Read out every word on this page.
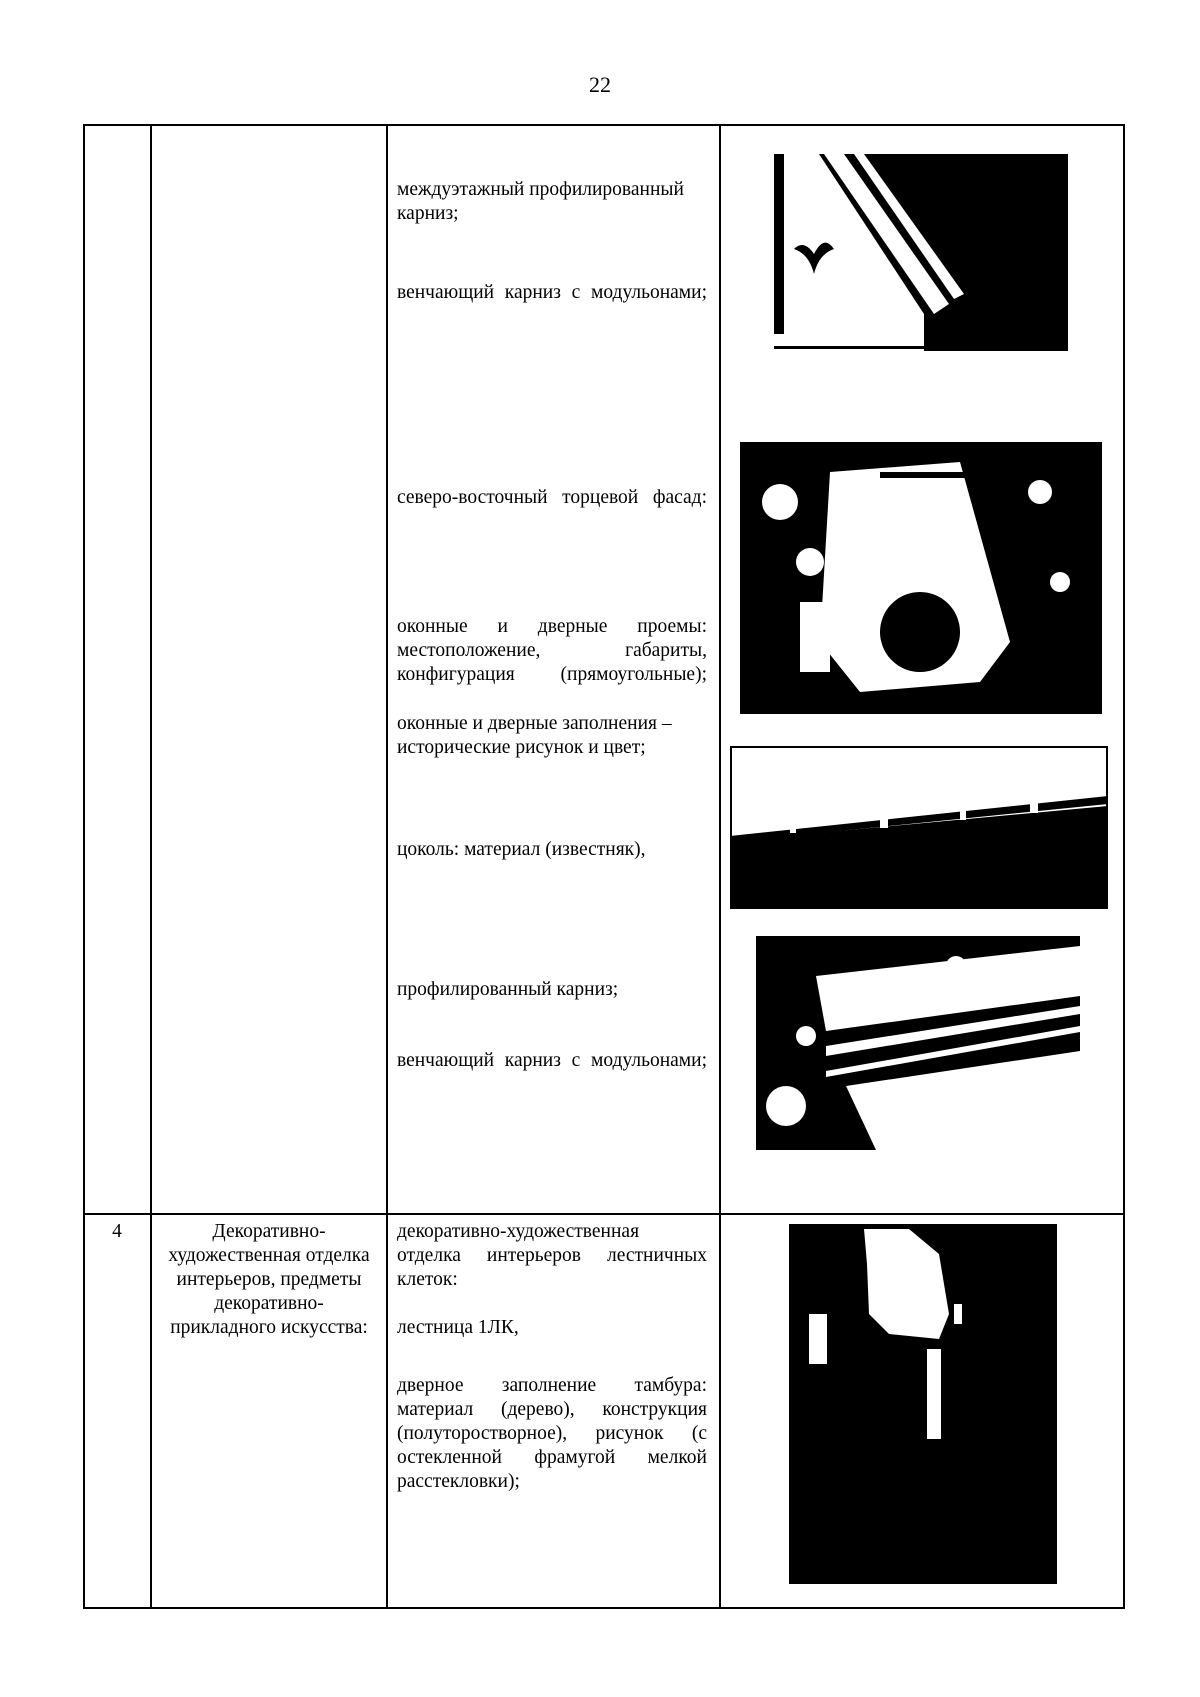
22
междуэтажный профилированный карниз;
венчающий карниз с модульонами;
северо-восточный торцевой фасад:
оконные и дверные проемы: местоположение, габариты, конфигурация (прямоугольные);
оконные и дверные заполнения – исторические рисунок и цвет;
цоколь: материал (известняк),
профилированный карниз;
венчающий карниз с модульонами;
4	Декоративно-художественная отделка интерьеров, предметы декоративно-прикладного искусства:
декоративно-художественная отделка интерьеров лестничных клеток:
лестница 1ЛК,
дверное заполнение тамбура: материал (дерево), конструкция (полуторостворное), рисунок (с остекленной фрамугой мелкой расстекловки);
